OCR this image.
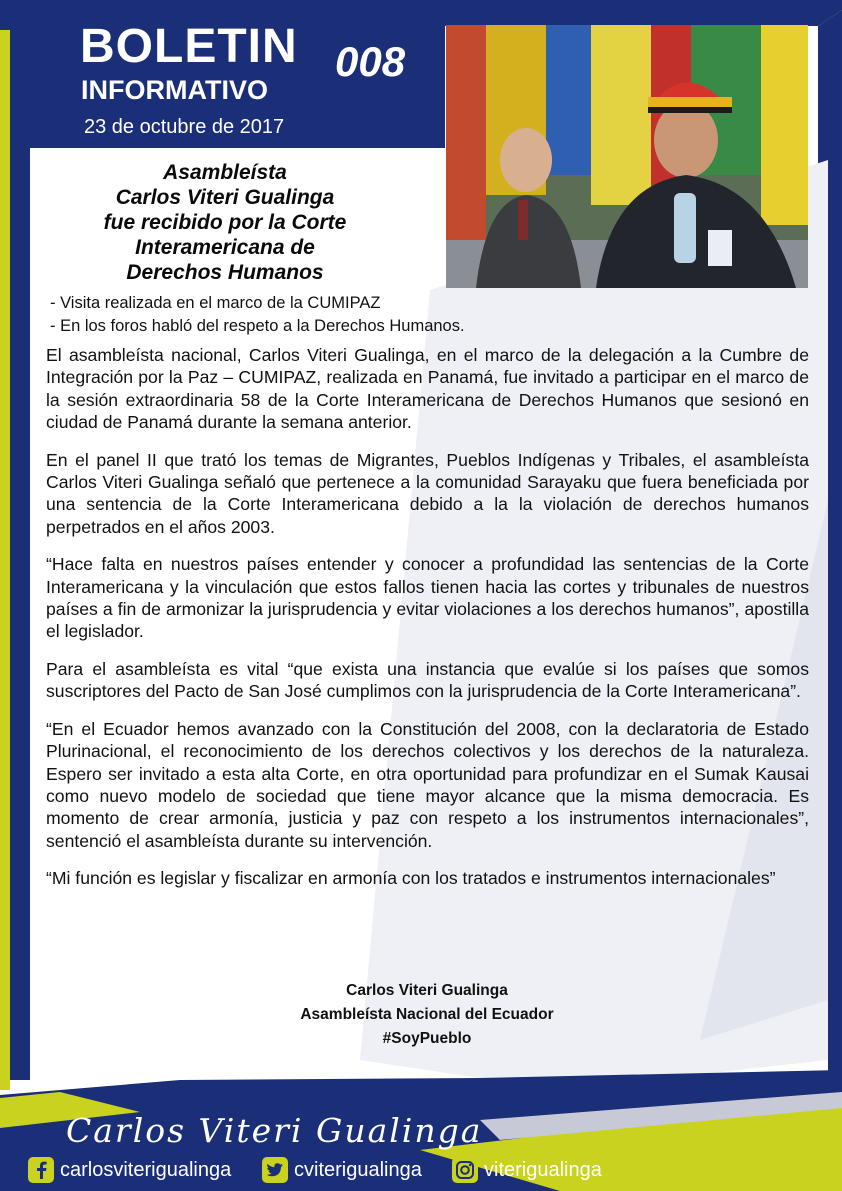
BOLETIN
INFORMATIVO
008
23 de octubre de 2017
Asambleísta
Carlos Viteri Gualinga
fue recibido por la Corte
Interamericana de
Derechos Humanos
- Visita realizada en el marco de la CUMIPAZ
- En los foros habló del respeto a la Derechos Humanos.

El asambleísta nacional, Carlos Viteri Gualinga, en el marco de la delegación a la Cumbre de Integración por la Paz – CUMIPAZ, realizada en Panamá, fue invitado a participar en el marco de la sesión extraordinaria 58 de la Corte Interamericana de Derechos Humanos que sesionó en ciudad de Panamá durante la semana anterior.

En el panel II que trató los temas de Migrantes, Pueblos Indígenas y Tribales, el asambleísta Carlos Viteri Gualinga señaló que pertenece a la comunidad Sarayaku que fuera beneficiada por una sentencia de la Corte Interamericana debido a la la violación de derechos humanos perpetrados en el años 2003.

“Hace falta en nuestros países entender y conocer a profundidad las sentencias de la Corte Interamericana y la vinculación que estos fallos tienen hacia las cortes y tribunales de nuestros países a fin de armonizar la jurisprudencia y evitar violaciones a los derechos humanos”, apostilla el legislador.

Para el asambleísta es vital “que exista una instancia que evalúe si los países que somos suscriptores del Pacto de San José cumplimos con la jurisprudencia de la Corte Interamericana”.

“En el Ecuador hemos avanzado con la Constitución del 2008, con la declaratoria de Estado Plurinacional, el reconocimiento de los derechos colectivos y los derechos de la naturaleza. Espero ser invitado a esta alta Corte, en otra oportunidad para profundizar en el Sumak Kausai como nuevo modelo de sociedad que tiene mayor alcance que la misma democracia. Es momento de crear armonía, justicia y paz con respeto a los instrumentos internacionales”, sentenció el asambleísta durante su intervención.

“Mi función es legislar y fiscalizar en armonía con los tratados e instrumentos internacionales”

Carlos Viteri Gualinga
Asambleísta Nacional del Ecuador
#SoyPueblo
Carlos Viteri Gualinga
carlosviterigualinga	cviterigualinga	viterigualinga
